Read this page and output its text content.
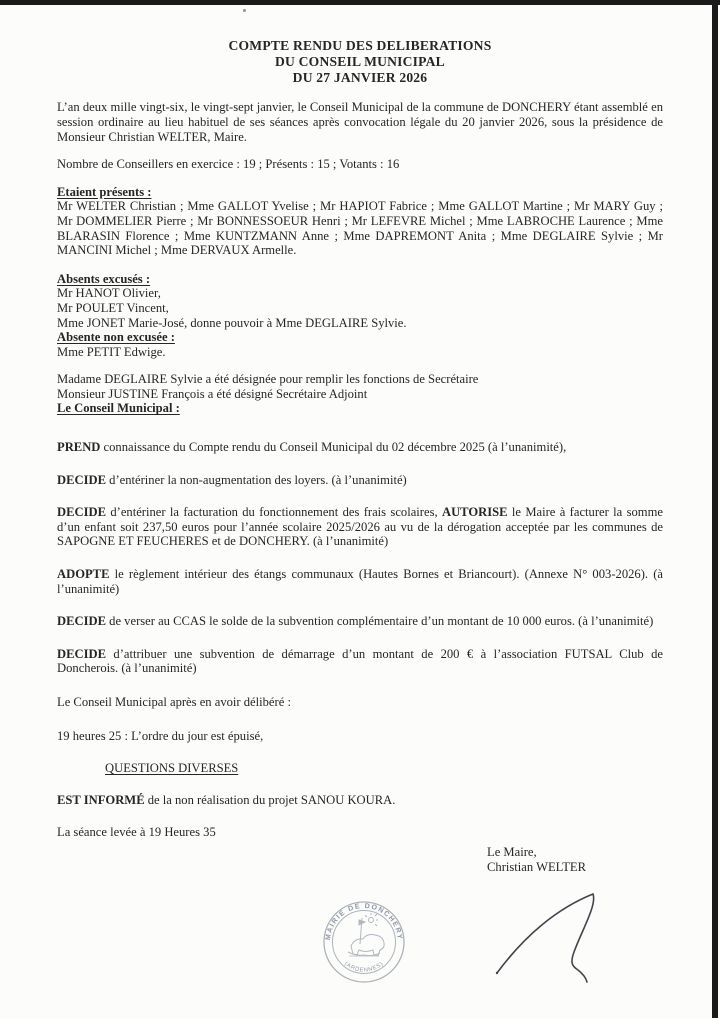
COMPTE RENDU DES DELIBERATIONS
DU CONSEIL MUNICIPAL
DU 27 JANVIER 2026
L’an deux mille vingt-six, le vingt-sept janvier, le Conseil Municipal de la commune de DONCHERY étant assemblé en session ordinaire au lieu habituel de ses séances après convocation légale du 20 janvier 2026, sous la présidence de Monsieur Christian WELTER, Maire.
Nombre de Conseillers en exercice : 19 ; Présents : 15 ; Votants : 16
Etaient présents :
Mr WELTER Christian ; Mme GALLOT Yvelise ; Mr HAPIOT Fabrice ; Mme GALLOT Martine ; Mr MARY Guy ; Mr DOMMELIER Pierre ; Mr BONNESSOEUR Henri ; Mr LEFEVRE Michel ; Mme LABROCHE Laurence ; Mme BLARASIN Florence ; Mme KUNTZMANN Anne ; Mme DAPREMONT Anita ; Mme DEGLAIRE Sylvie ; Mr MANCINI Michel ; Mme DERVAUX Armelle.
Absents excusés :
Mr HANOT Olivier,
Mr POULET Vincent,
Mme JONET Marie-José, donne pouvoir à Mme DEGLAIRE Sylvie.
Absente non excusée :
Mme PETIT Edwige.
Madame DEGLAIRE Sylvie a été désignée pour remplir les fonctions de Secrétaire
Monsieur JUSTINE François a été désigné Secrétaire Adjoint
Le Conseil Municipal :

PREND connaissance du Compte rendu du Conseil Municipal du 02 décembre 2025 (à l’unanimité),

DECIDE d’entériner la non-augmentation des loyers. (à l’unanimité)

DECIDE d’entériner la facturation du fonctionnement des frais scolaires, AUTORISE le Maire à facturer la somme d’un enfant soit 237,50 euros pour l’année scolaire 2025/2026 au vu de la dérogation acceptée par les communes de SAPOGNE ET FEUCHERES et de DONCHERY. (à l’unanimité)

ADOPTE le règlement intérieur des étangs communaux (Hautes Bornes et Briancourt). (Annexe N° 003-2026). (à l’unanimité)

DECIDE de verser au CCAS le solde de la subvention complémentaire d’un montant de 10 000 euros. (à l’unanimité)

DECIDE d’attribuer une subvention de démarrage d’un montant de 200 € à l’association FUTSAL Club de Doncherois. (à l’unanimité)

Le Conseil Municipal après en avoir délibéré :
19 heures 25 : L’ordre du jour est épuisé,
QUESTIONS DIVERSES

EST INFORMÉ de la non réalisation du projet SANOU KOURA.

La séance levée à 19 Heures 35
Le Maire,
Christian WELTER
MAIRIE DE DONCHERY
(ARDENNES)
